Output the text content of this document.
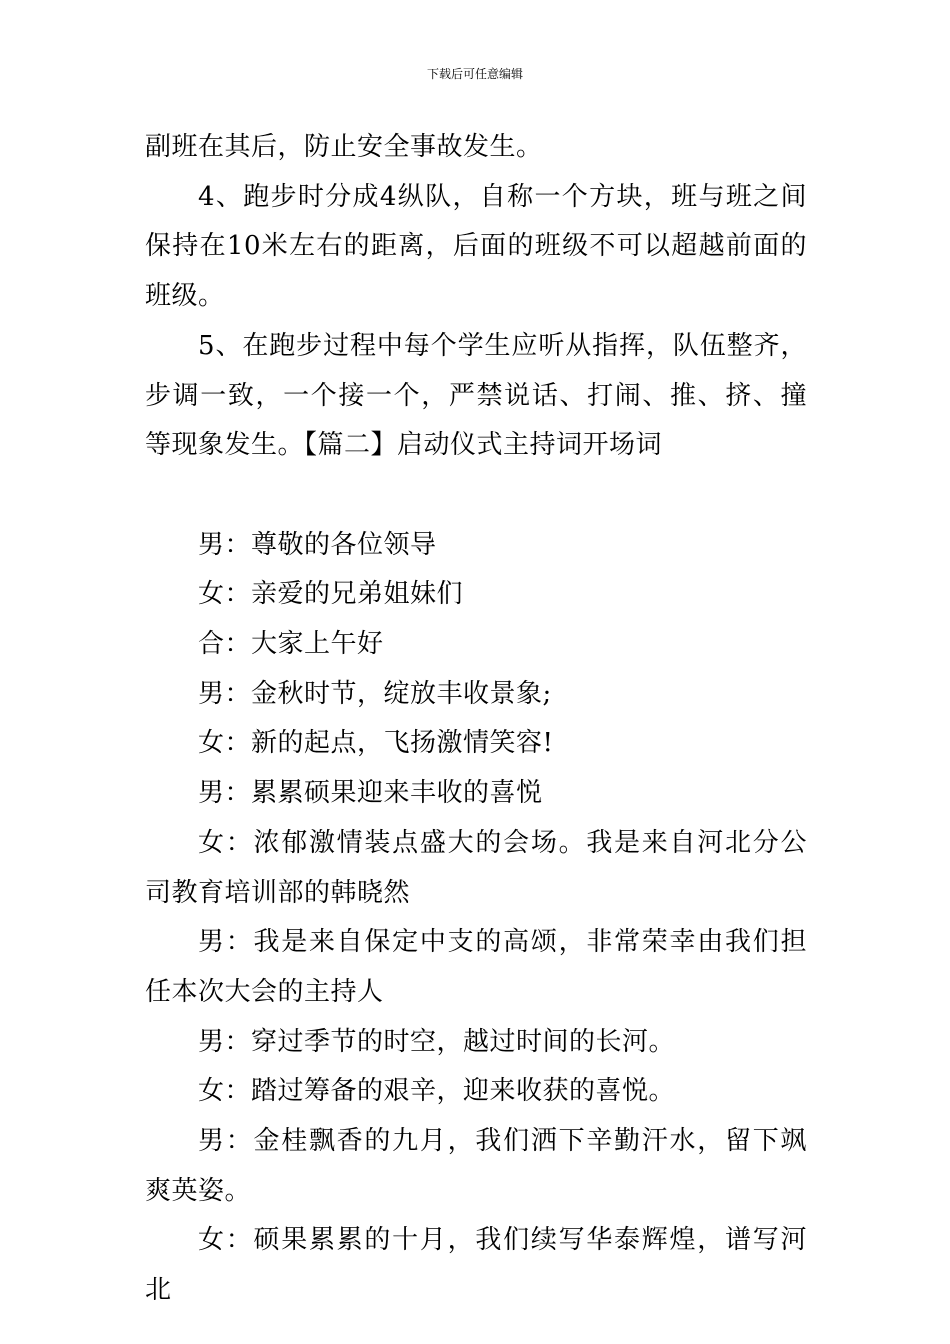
下载后可任意编辑

副班在其后，防止安全事故发生。

4、跑步时分成4纵队，自称一个方块，班与班之间保持在10米左右的距离，后面的班级不可以超越前面的班级。

5、在跑步过程中每个学生应听从指挥，队伍整齐，步调一致，一个接一个，严禁说话、打闹、推、挤、撞等现象发生。【篇二】启动仪式主持词开场词

男：尊敬的各位领导

女：亲爱的兄弟姐妹们

合：大家上午好

男：金秋时节，绽放丰收景象;

女：新的起点，飞扬激情笑容!

男：累累硕果迎来丰收的喜悦

女：浓郁激情装点盛大的会场。我是来自河北分公司教育培训部的韩晓然

男：我是来自保定中支的高颂，非常荣幸由我们担任本次大会的主持人

男：穿过季节的时空，越过时间的长河。

女：踏过筹备的艰辛，迎来收获的喜悦。

男：金桂飘香的九月，我们洒下辛勤汗水，留下飒爽英姿。

女：硕果累累的十月，我们续写华泰辉煌，谱写河北
